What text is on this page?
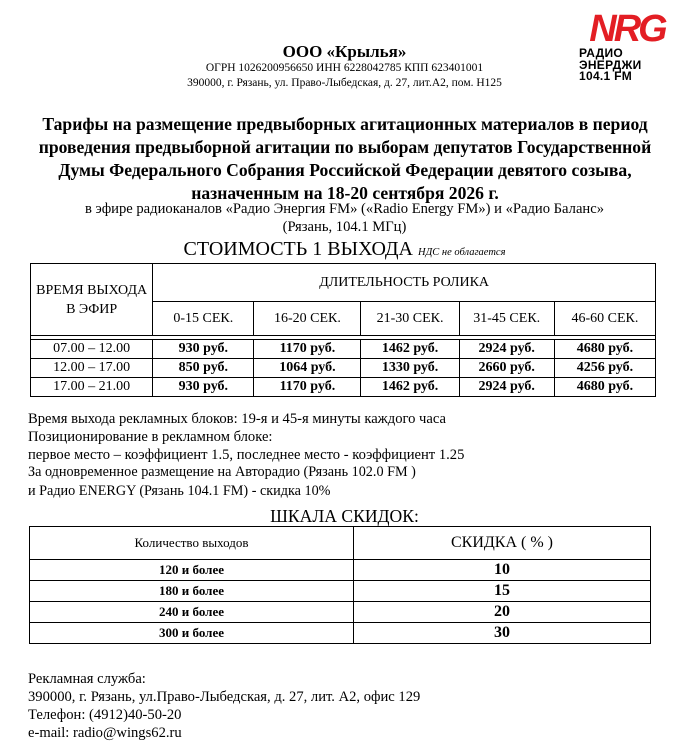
ООО «Крылья»
ОГРН 1026200956650 ИНН 6228042785 КПП 623401001
390000, г. Рязань, ул. Право-Лыбедская, д. 27, лит.А2, пом. Н125
NRG
РАДИО
ЭНЕРДЖИ
104.1 FM
Тарифы на размещение предвыборных агитационных материалов в период проведения предвыборной агитации по выборам депутатов Государственной Думы Федерального Собрания Российской Федерации девятого созыва, назначенным на 18-20 сентября 2026 г.
в эфире радиоканалов «Радио Энергия FM» («Radio Energy FM») и «Радио Баланс»
(Рязань, 104.1 МГц)
СТОИМОСТЬ 1 ВЫХОДА НДС не облагается
ВРЕМЯ ВЫХОДА В ЭФИР	ДЛИТЕЛЬНОСТЬ РОЛИКА				
	0-15 СЕК.	16-20 СЕК.	21-30 СЕК.	31-45 СЕК.	46-60 СЕК.

07.00 – 12.00	930 руб.	1170 руб.	1462 руб.	2924 руб.	4680 руб.
12.00 – 17.00	850 руб.	1064 руб.	1330 руб.	2660 руб.	4256 руб.
17.00 – 21.00	930 руб.	1170 руб.	1462 руб.	2924 руб.	4680 руб.
Время выхода рекламных блоков: 19-я и 45-я минуты каждого часа
Позиционирование в рекламном блоке:
первое место – коэффициент 1.5, последнее место - коэффициент 1.25
За одновременное размещение на Авторадио (Рязань 102.0 FM )
и Радио ENERGY (Рязань 104.1 FM) - скидка 10%
ШКАЛА СКИДОК:
Количество выходов	СКИДКА ( % )
120 и более	10
180 и более	15
240 и более	20
300 и более	30
Рекламная служба:
390000, г. Рязань, ул.Право-Лыбедская, д. 27, лит. А2, офис 129
Телефон: (4912)40-50-20
e-mail: radio@wings62.ru
